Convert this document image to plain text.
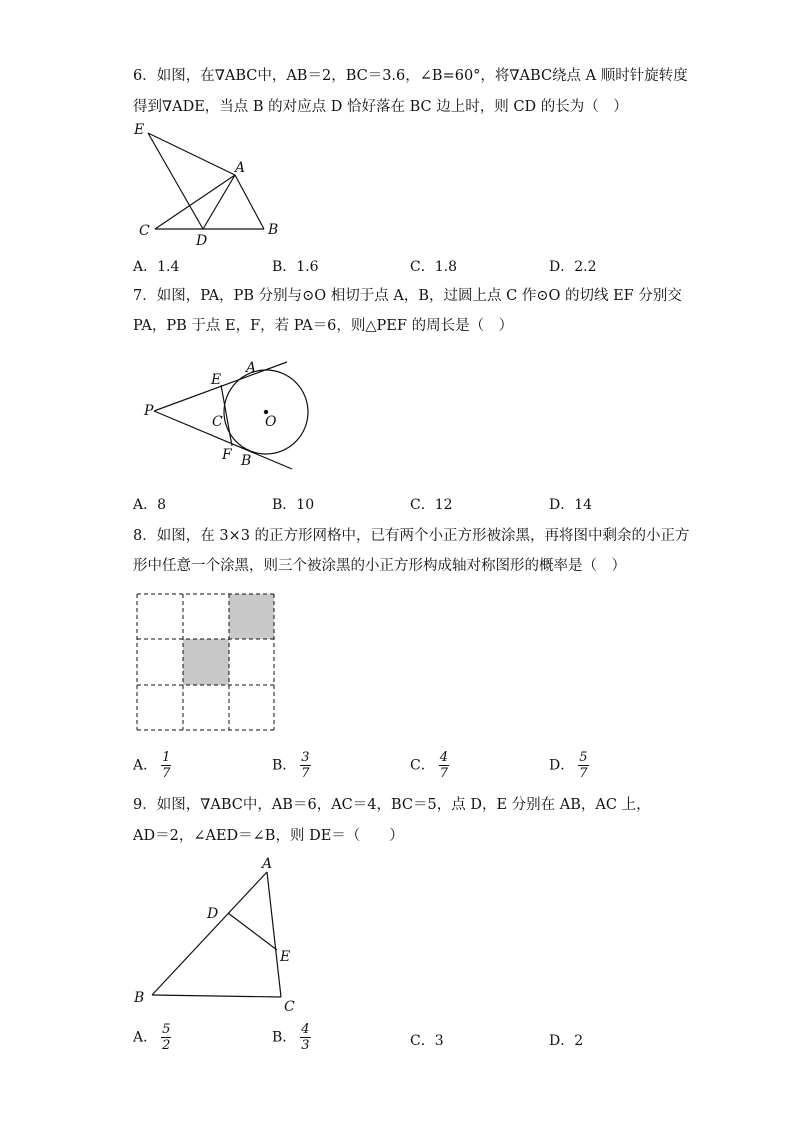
6．如图，在∇ABC中，AB＝2，BC＝3.6，∠B=60°，将∇ABC绕点 A 顺时针旋转度
得到∇ADE，当点 B 的对应点 D 恰好落在 BC 边上时，则 CD 的长为（　）
E
A
C
D
B
A．1.4	B．1.6	C．1.8	D．2.2
7．如图，PA，PB 分别与⊙O 相切于点 A，B，过圆上点 C 作⊙O 的切线 EF 分别交
PA，PB 于点 E，F，若 PA＝6，则△PEF 的周长是（　）
P
A
E
C	O
F B
A．8	B．10	C．12	D．14
8．如图，在 3×3 的正方形网格中，已有两个小正方形被涂黑，再将图中剩余的小正方
形中任意一个涂黑，则三个被涂黑的小正方形构成轴对称图形的概率是（　）
A． $\frac{1}{7}$	B． $\frac{3}{7}$	C． $\frac{4}{7}$	D． $\frac{5}{7}$
9．如图，∇ABC中，AB＝6，AC＝4，BC＝5，点 D，E 分别在 AB，AC 上，
AD＝2，∠AED＝∠B，则 DE＝（　　）
A
D
E
B
C
A． $\frac{5}{2}$	B． $\frac{4}{3}$	C．3	D．2
